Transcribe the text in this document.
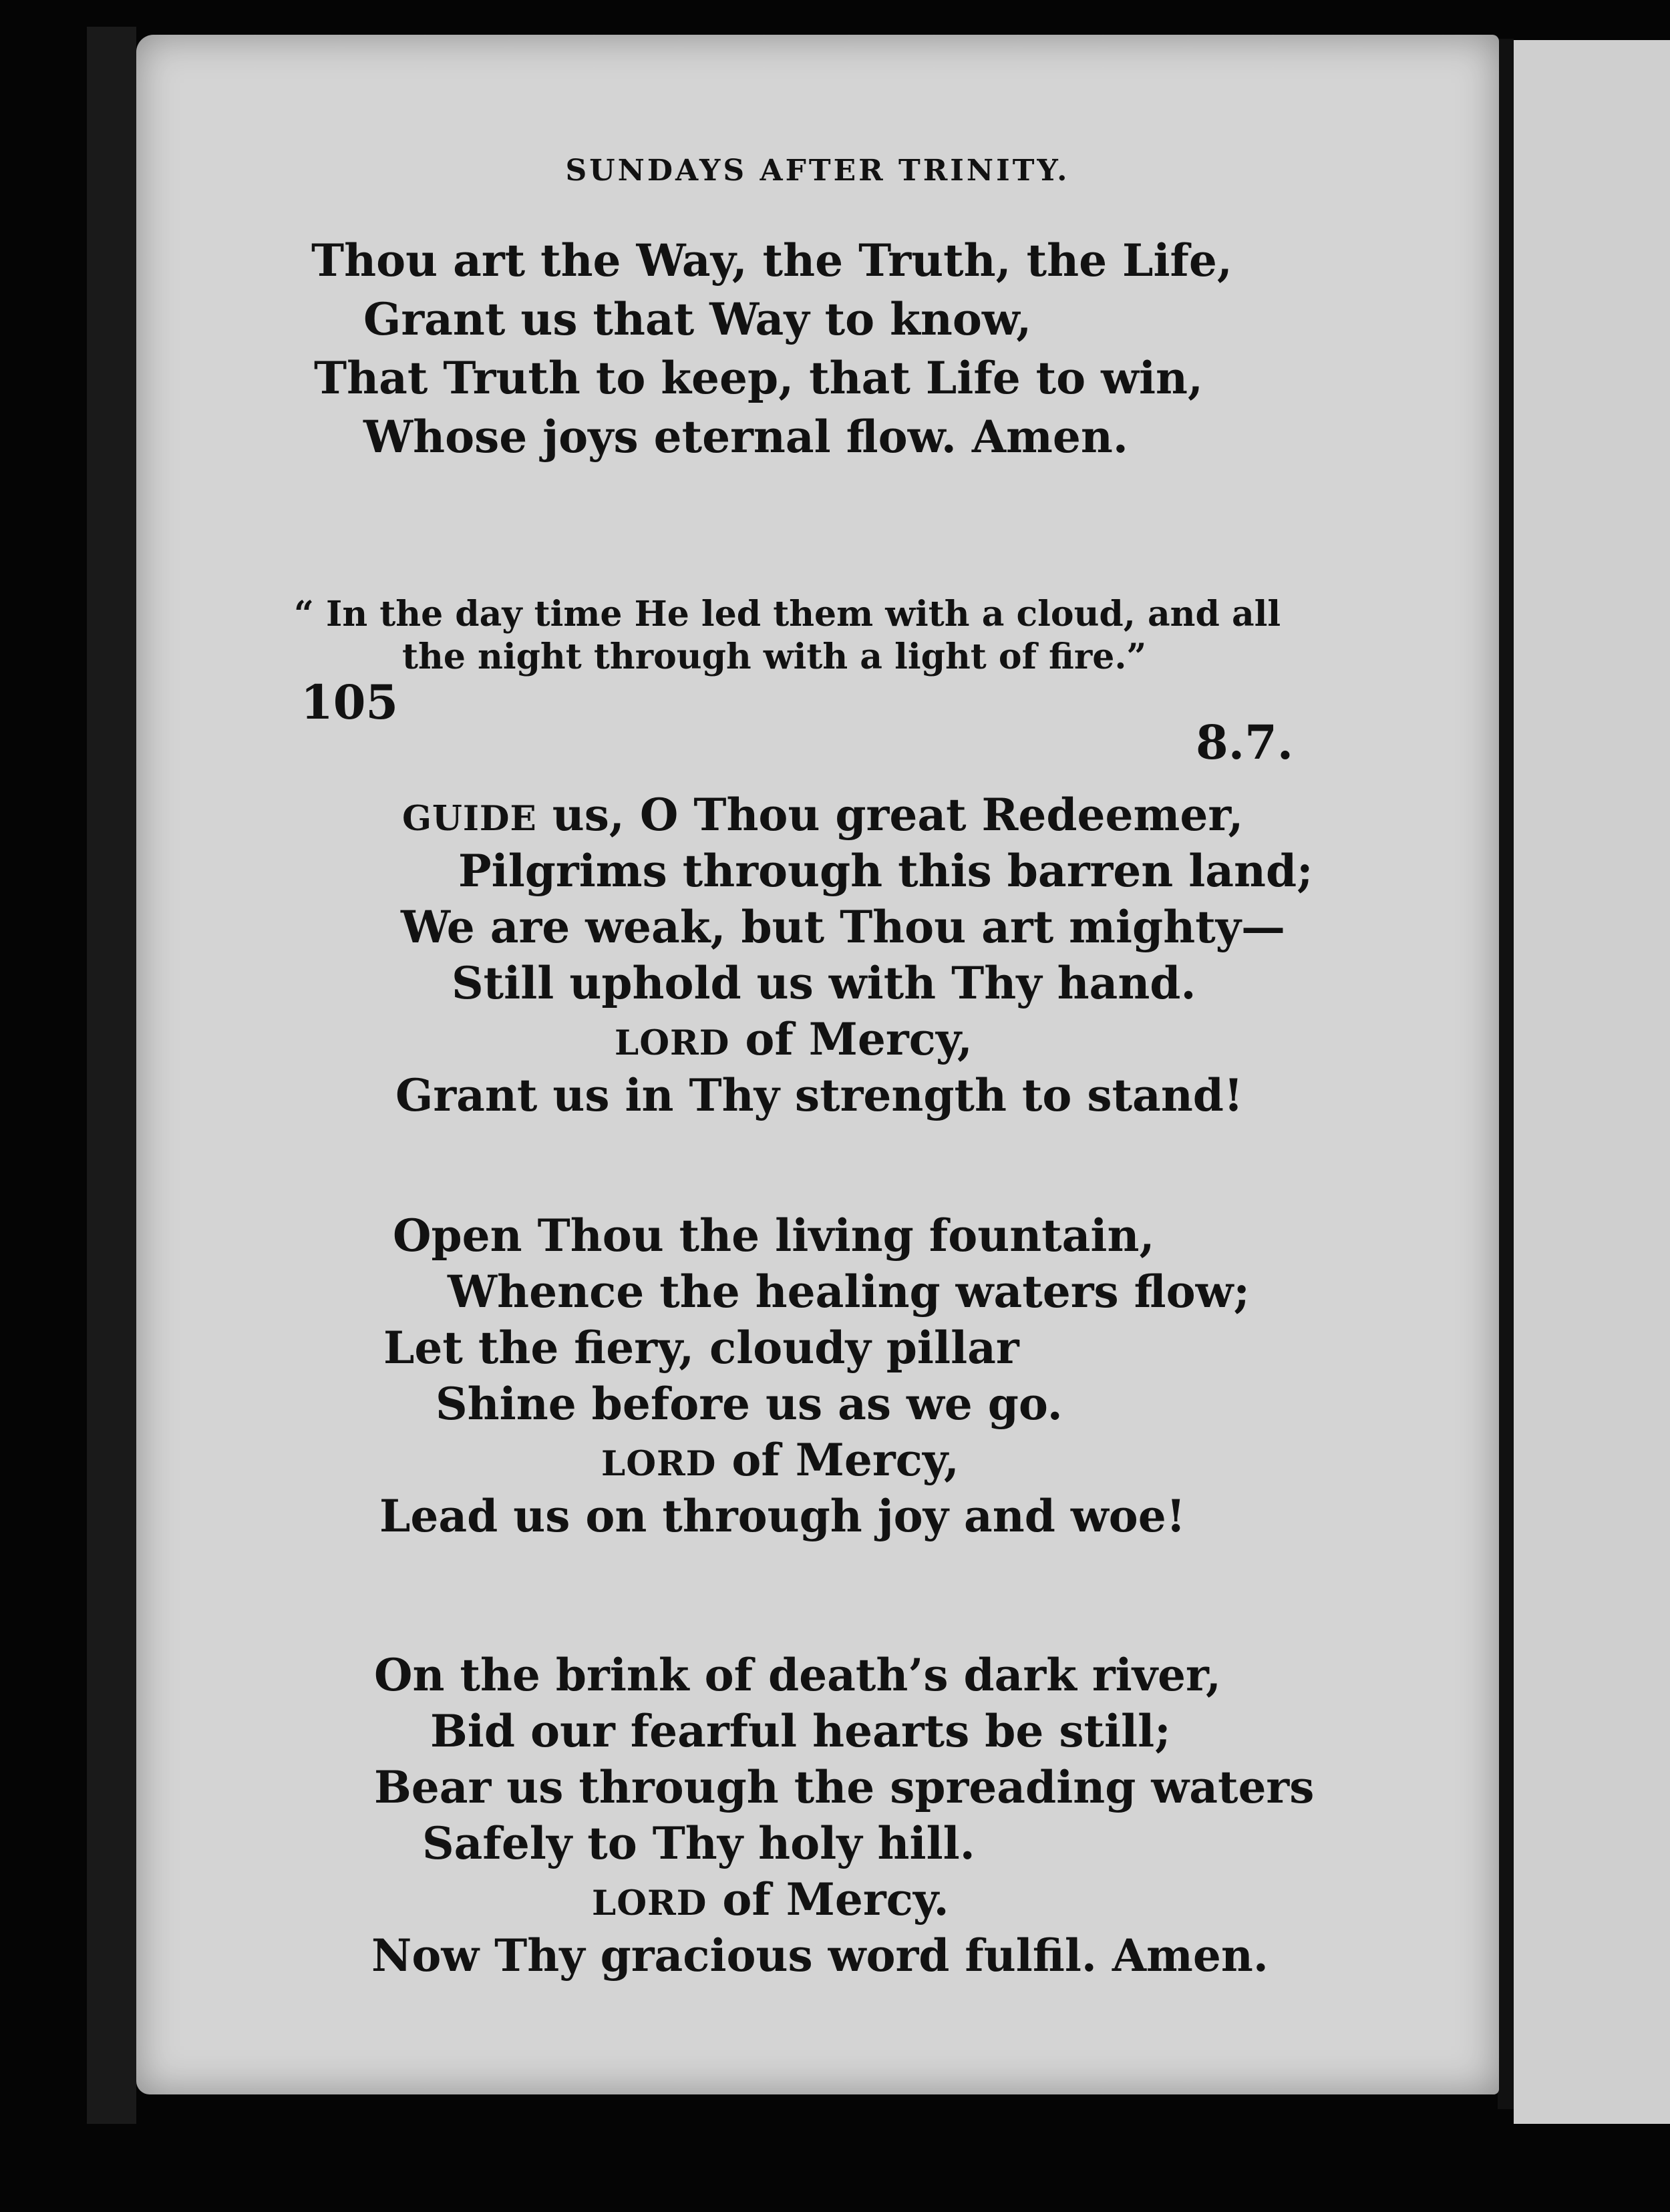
SUNDAYS AFTER TRINITY.
Thou art the Way, the Truth, the Life,
Grant us that Way to know,
That Truth to keep, that Life to win,
Whose joys eternal flow. Amen.
“ In the day time He led them with a cloud, and all
the night through with a light of fire.”
105
8.7.
GUIDE us, O Thou great Redeemer,
Pilgrims through this barren land;
We are weak, but Thou art mighty—
Still uphold us with Thy hand.
LORD of Mercy,
Grant us in Thy strength to stand!
Open Thou the living fountain,
Whence the healing waters flow;
Let the fiery, cloudy pillar
Shine before us as we go.
LORD of Mercy,
Lead us on through joy and woe!
On the brink of death’s dark river,
Bid our fearful hearts be still;
Bear us through the spreading waters
Safely to Thy holy hill.
LORD of Mercy.
Now Thy gracious word fulfil. Amen.
